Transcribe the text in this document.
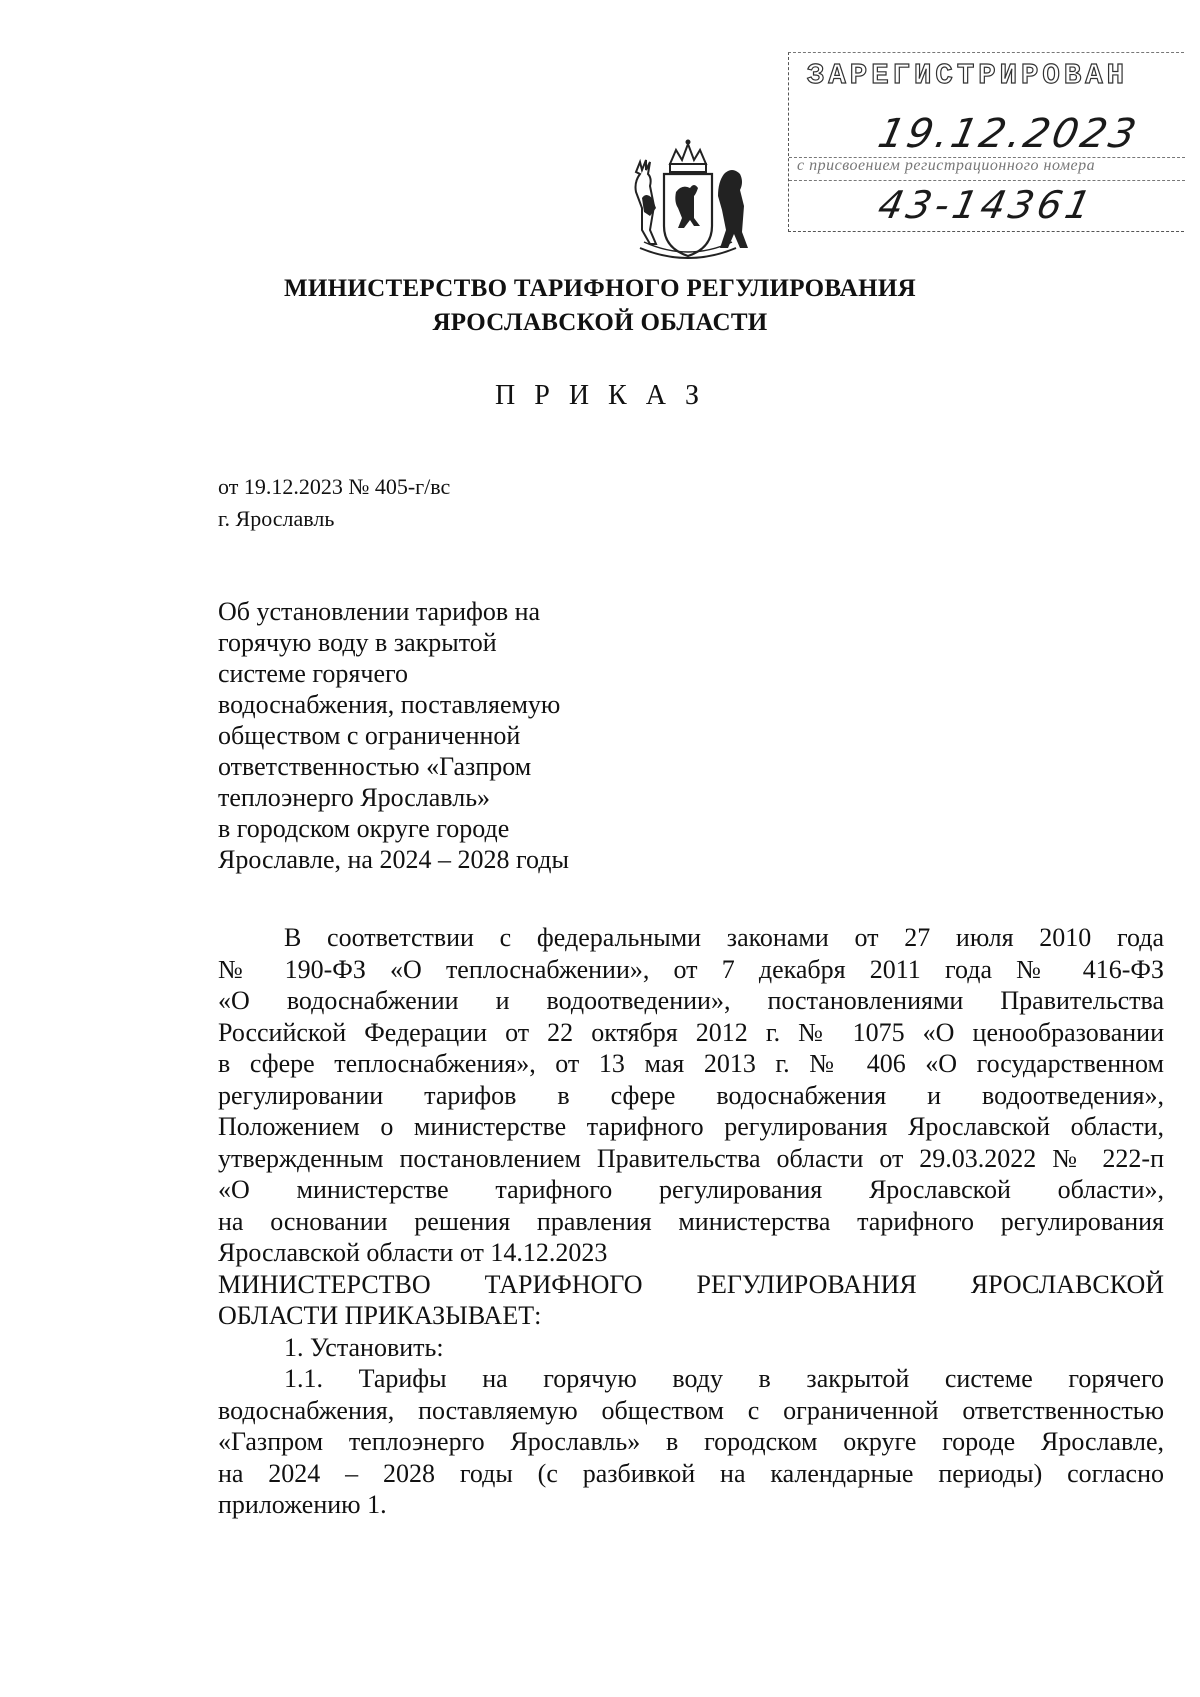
ЗАРЕГИСТРИРОВАН
19.12.2023
с присвоением регистрационного номера
43-14361
МИНИСТЕРСТВО ТАРИФНОГО РЕГУЛИРОВАНИЯ
ЯРОСЛАВСКОЙ ОБЛАСТИ
П Р И К А З
от 19.12.2023 № 405-г/вс
г. Ярославль
Об установлении тарифов на
горячую воду в закрытой
системе горячего
водоснабжения, поставляемую
обществом с ограниченной
ответственностью «Газпром
теплоэнерго Ярославль»
в городском округе городе
Ярославле, на 2024 – 2028 годы
В соответствии с федеральными законами от 27 июля 2010 года
№ 190-ФЗ «О теплоснабжении», от 7 декабря 2011 года № 416-ФЗ
«О водоснабжении и водоотведении», постановлениями Правительства
Российской Федерации от 22 октября 2012 г. № 1075 «О ценообразовании
в сфере теплоснабжения», от 13 мая 2013 г. № 406 «О государственном
регулировании тарифов в сфере водоснабжения и водоотведения»,
Положением о министерстве тарифного регулирования Ярославской области,
утвержденным постановлением Правительства области от 29.03.2022 № 222-п
«О министерстве тарифного регулирования Ярославской области»,
на основании решения правления министерства тарифного регулирования
Ярославской области от 14.12.2023
МИНИСТЕРСТВО ТАРИФНОГО РЕГУЛИРОВАНИЯ ЯРОСЛАВСКОЙ
ОБЛАСТИ ПРИКАЗЫВАЕТ:
1. Установить:
1.1. Тарифы на горячую воду в закрытой системе горячего
водоснабжения, поставляемую обществом с ограниченной ответственностью
«Газпром теплоэнерго Ярославль» в городском округе городе Ярославле,
на 2024 – 2028 годы (с разбивкой на календарные периоды) согласно
приложению 1.
